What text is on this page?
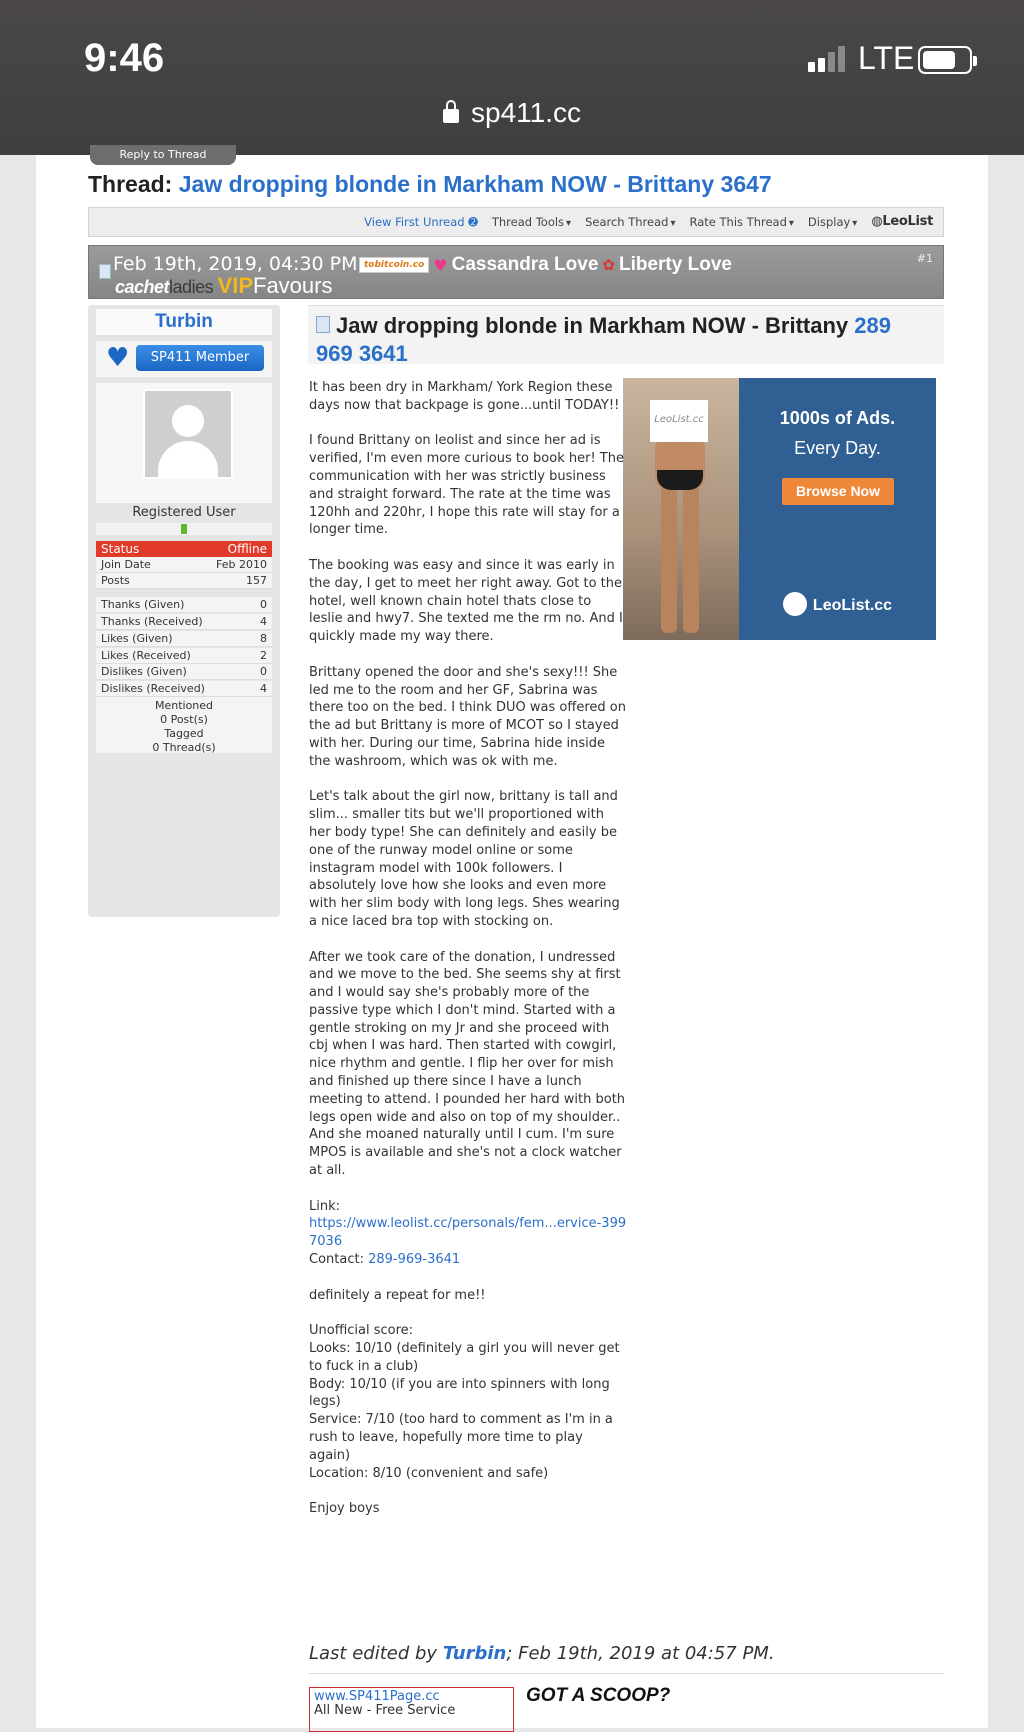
9:46	LTE
sp411.cc
Reply to Thread
Thread: Jaw dropping blonde in Markham NOW - Brittany 3647
View First Unread ➋ Thread Tools ▾	Search Thread ▾	Rate This Thread ▾	Display ▾	◍LeoList
Feb 19th, 2019, 04:30 PM tobitcoin.co ♥ Cassandra Love ✿ Liberty Love
cachetladies VIPFavours
#1
Turbin
♥	SP411 Member
Registered User
Status	Offline
Join Date	Feb 2010
Posts	157
Thanks (Given)	0
Thanks (Received)	4
Likes (Given)	8
Likes (Received)	2
Dislikes (Given)	0
Dislikes (Received)	4
Mentioned
0 Post(s)
Tagged
0 Thread(s)
Jaw dropping blonde in Markham NOW - Brittany 289 969 3641
LeoList.cc	1000s of Ads.
Every Day.
Browse Now
LeoList.cc

It has been dry in Markham/ York Region these days now that backpage is gone...until TODAY!!

I found Brittany on leolist and since her ad is verified, I'm even more curious to book her! The communication with her was strictly business and straight forward. The rate at the time was 120hh and 220hr, I hope this rate will stay for a longer time.

The booking was easy and since it was early in the day, I get to meet her right away. Got to the hotel, well known chain hotel thats close to leslie and hwy7. She texted me the rm no. And I quickly made my way there.

Brittany opened the door and she's sexy!!! She led me to the room and her GF, Sabrina was there too on the bed. I think DUO was offered on the ad but Brittany is more of MCOT so I stayed with her. During our time, Sabrina hide inside the washroom, which was ok with me.

Let's talk about the girl now, brittany is tall and slim... smaller tits but we'll proportioned with her body type! She can definitely and easily be one of the runway model online or some instagram model with 100k followers. I absolutely love how she looks and even more with her slim body with long legs. Shes wearing a nice laced bra top with stocking on.

After we took care of the donation, I undressed and we move to the bed. She seems shy at first and I would say she's probably more of the passive type which I don't mind. Started with a gentle stroking on my Jr and she proceed with cbj when I was hard. Then started with cowgirl, nice rhythm and gentle. I flip her over for mish and finished up there since I have a lunch meeting to attend. I pounded her hard with both legs open wide and also on top of my shoulder.. And she moaned naturally until I cum. I'm sure MPOS is available and she's not a clock watcher at all.

Link:
https://www.leolist.cc/personals/fem...ervice-3997036
Contact: 289-969-3641

definitely a repeat for me!!

Unofficial score:
Looks: 10/10 (definitely a girl you will never get to fuck in a club)
Body: 10/10 (if you are into spinners with long legs)
Service: 7/10 (too hard to comment as I'm in a rush to leave, hopefully more time to play again)
Location: 8/10 (convenient and safe)

Enjoy boys

Last edited by Turbin; Feb 19th, 2019 at 04:57 PM.
www.SP411Page.cc
All New - Free Service
GOT A SCOOP?
